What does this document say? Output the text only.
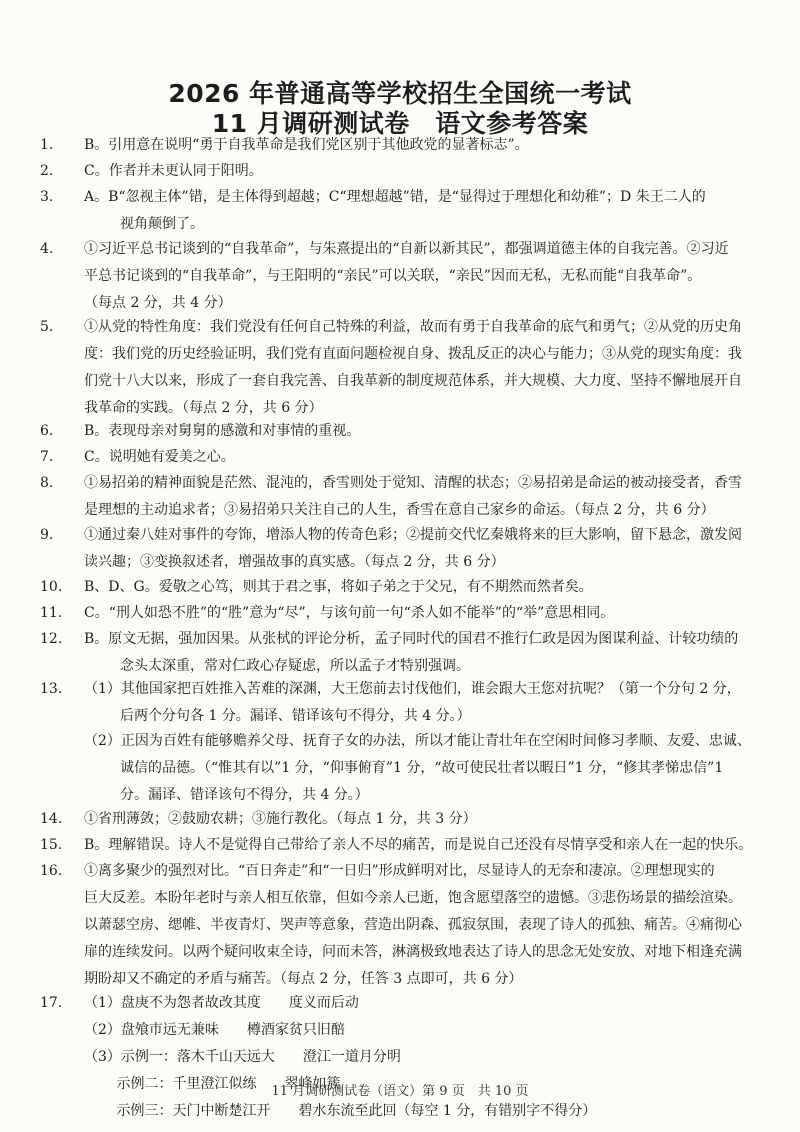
2026 年普通高等学校招生全国统一考试
11 月调研测试卷　语文参考答案
1. B。引用意在说明“勇于自我革命是我们党区别于其他政党的显著标志”。
2. C。作者并未更认同于阳明。
3. A。B“忽视主体”错，是主体得到超越；C“理想超越”错，是“显得过于理想化和幼稚”；D 朱王二人的
视角颠倒了。
4. ①习近平总书记谈到的“自我革命”，与朱熹提出的“自新以新其民”，都强调道德主体的自我完善。②习近
平总书记谈到的“自我革命”，与王阳明的“亲民”可以关联，“亲民”因而无私，无私而能“自我革命”。
（每点 2 分，共 4 分）
5. ①从党的特性角度：我们党没有任何自己特殊的利益，故而有勇于自我革命的底气和勇气；②从党的历史角
度：我们党的历史经验证明，我们党有直面问题检视自身、拨乱反正的决心与能力；③从党的现实角度：我
们党十八大以来，形成了一套自我完善、自我革新的制度规范体系，并大规模、大力度、坚持不懈地展开自
我革命的实践。（每点 2 分，共 6 分）
6. B。表现母亲对舅舅的感激和对事情的重视。
7. C。说明她有爱美之心。
8. ①易招弟的精神面貌是茫然、混沌的，香雪则处于觉知、清醒的状态；②易招弟是命运的被动接受者，香雪
是理想的主动追求者；③易招弟只关注自己的人生，香雪在意自己家乡的命运。（每点 2 分，共 6 分）
9. ①通过秦八娃对事件的夸饰，增添人物的传奇色彩；②提前交代忆秦娥将来的巨大影响，留下悬念，激发阅
读兴趣；③变换叙述者，增强故事的真实感。（每点 2 分，共 6 分）
10. B、D、G。爱敬之心笃，则其于君之事，将如子弟之于父兄，有不期然而然者矣。
11. C。“刑人如恐不胜”的“胜”意为“尽”，与该句前一句“杀人如不能举”的“举”意思相同。
12. B。原文无据，强加因果。从张栻的评论分析，孟子同时代的国君不推行仁政是因为图谋利益、计较功绩的
念头太深重，常对仁政心存疑虑，所以孟子才特别强调。
13. （1）其他国家把百姓推入苦难的深渊，大王您前去讨伐他们，谁会跟大王您对抗呢？（第一个分句 2 分，
后两个分句各 1 分。漏译、错译该句不得分，共 4 分。）
（2）正因为百姓有能够赡养父母、抚育子女的办法，所以才能让青壮年在空闲时间修习孝顺、友爱、忠诚、
诚信的品德。（“惟其有以”1 分，“仰事俯育”1 分，“故可使民壮者以暇日”1 分，“修其孝悌忠信”1
分。漏译、错译该句不得分，共 4 分。）
14. ①省刑薄敛；②鼓励农耕；③施行教化。（每点 1 分，共 3 分）
15. B。理解错误。诗人不是觉得自己带给了亲人不尽的痛苦，而是说自己还没有尽情享受和亲人在一起的快乐。
16. ①离多聚少的强烈对比。“百日奔走”和“一日归”形成鲜明对比，尽显诗人的无奈和凄凉。②理想现实的
巨大反差。本盼年老时与亲人相互依靠，但如今亲人已逝，饱含愿望落空的遗憾。③悲伤场景的描绘渲染。
以萧瑟空房、缌帷、半夜青灯、哭声等意象，营造出阴森、孤寂氛围，表现了诗人的孤独、痛苦。④痛彻心
扉的连续发问。以两个疑问收束全诗，问而未答，淋漓极致地表达了诗人的思念无处安放、对地下相逢充满
期盼却又不确定的矛盾与痛苦。（每点 2 分，任答 3 点即可，共 6 分）
17. （1）盘庚不为怨者故改其度　　度义而后动
（2）盘飧市远无兼味　　樽酒家贫只旧醅
（3）示例一：落木千山天远大　　澄江一道月分明
　　 示例二：千里澄江似练　　翠峰如簇
　　 示例三：天门中断楚江开　　碧水东流至此回（每空 1 分，有错别字不得分）
11 月调研测试卷（语文）第 9 页　共 10 页
